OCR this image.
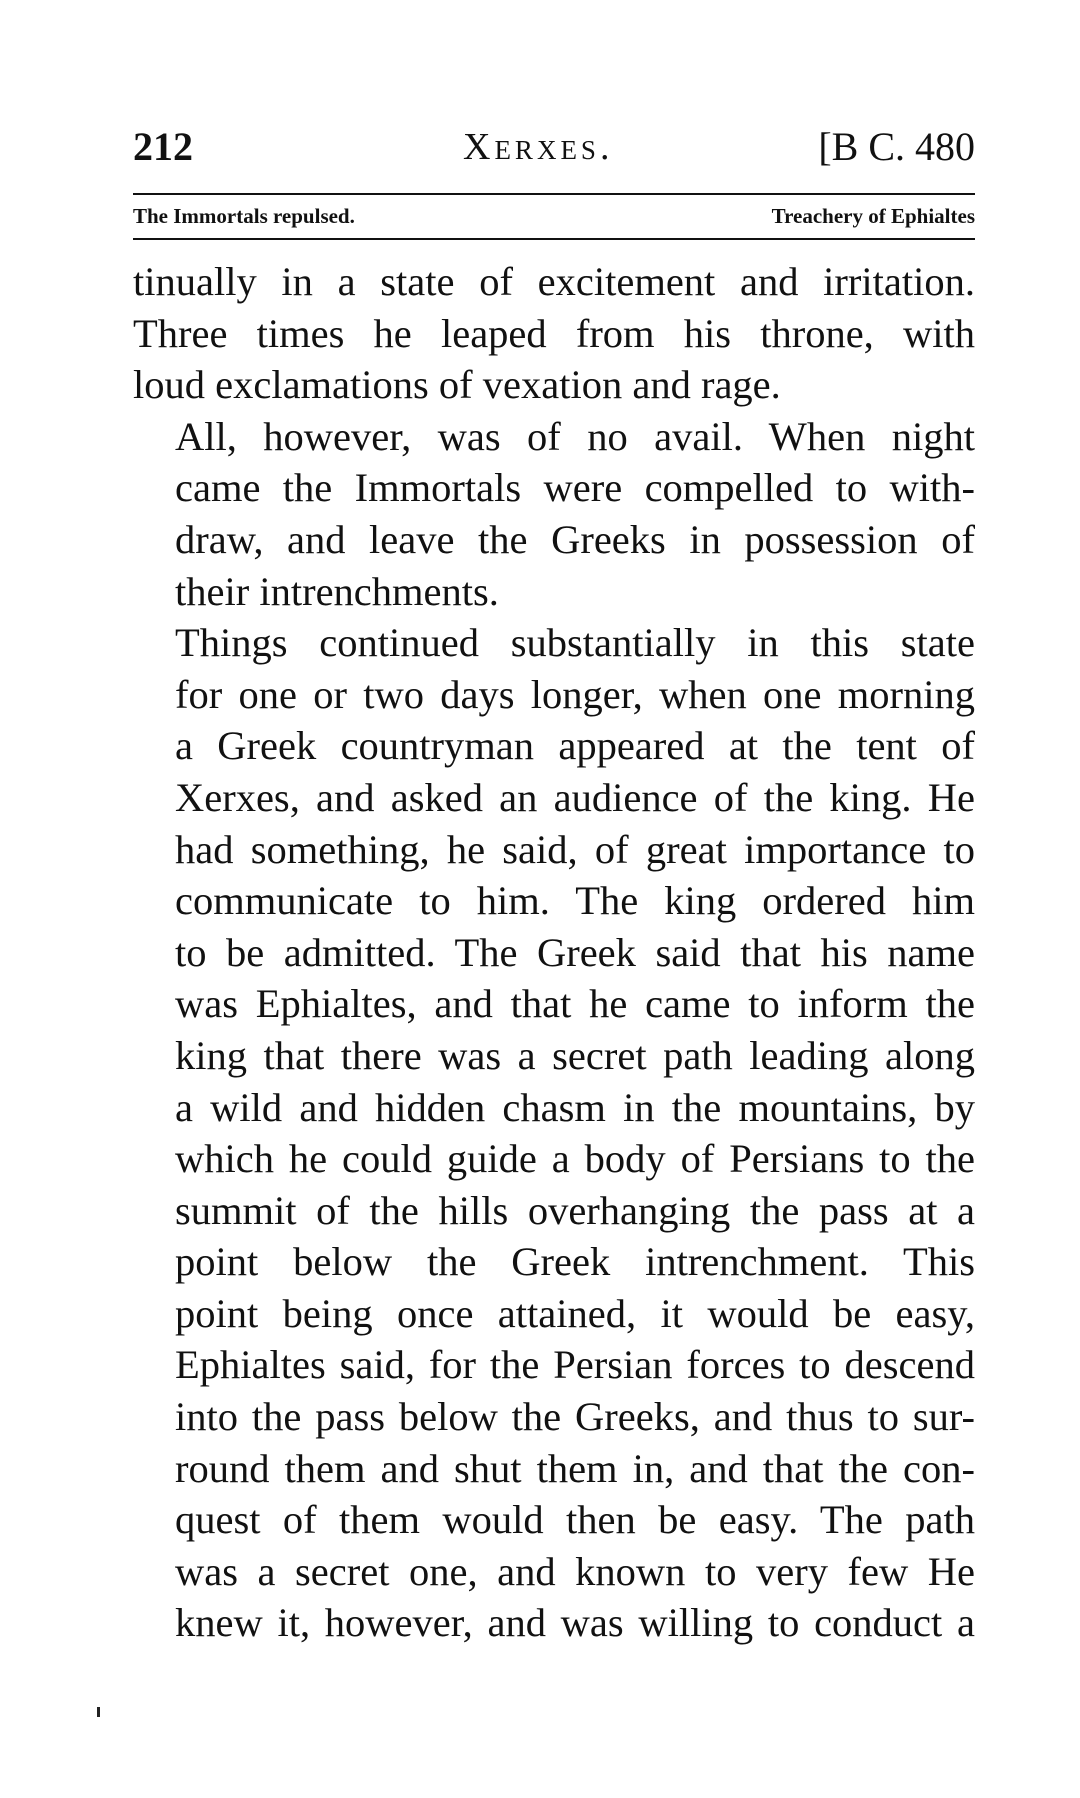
212	Xerxes.	[B C. 480
The Immortals repulsed.	Treachery of Ephialtes

tinually in a state of excitement and irritation.
Three times he leaped from his throne, with
loud exclamations of vexation and rage.

All, however, was of no avail. When night
came the Immortals were compelled to with-
draw, and leave the Greeks in possession of
their intrenchments.

Things continued substantially in this state
for one or two days longer, when one morning
a Greek countryman appeared at the tent of
Xerxes, and asked an audience of the king. He
had something, he said, of great importance to
communicate to him. The king ordered him
to be admitted. The Greek said that his name
was Ephialtes, and that he came to inform the
king that there was a secret path leading along
a wild and hidden chasm in the mountains, by
which he could guide a body of Persians to the
summit of the hills overhanging the pass at a
point below the Greek intrenchment. This
point being once attained, it would be easy,
Ephialtes said, for the Persian forces to descend
into the pass below the Greeks, and thus to sur-
round them and shut them in, and that the con-
quest of them would then be easy. The path
was a secret one, and known to very few He
knew it, however, and was willing to conduct a
